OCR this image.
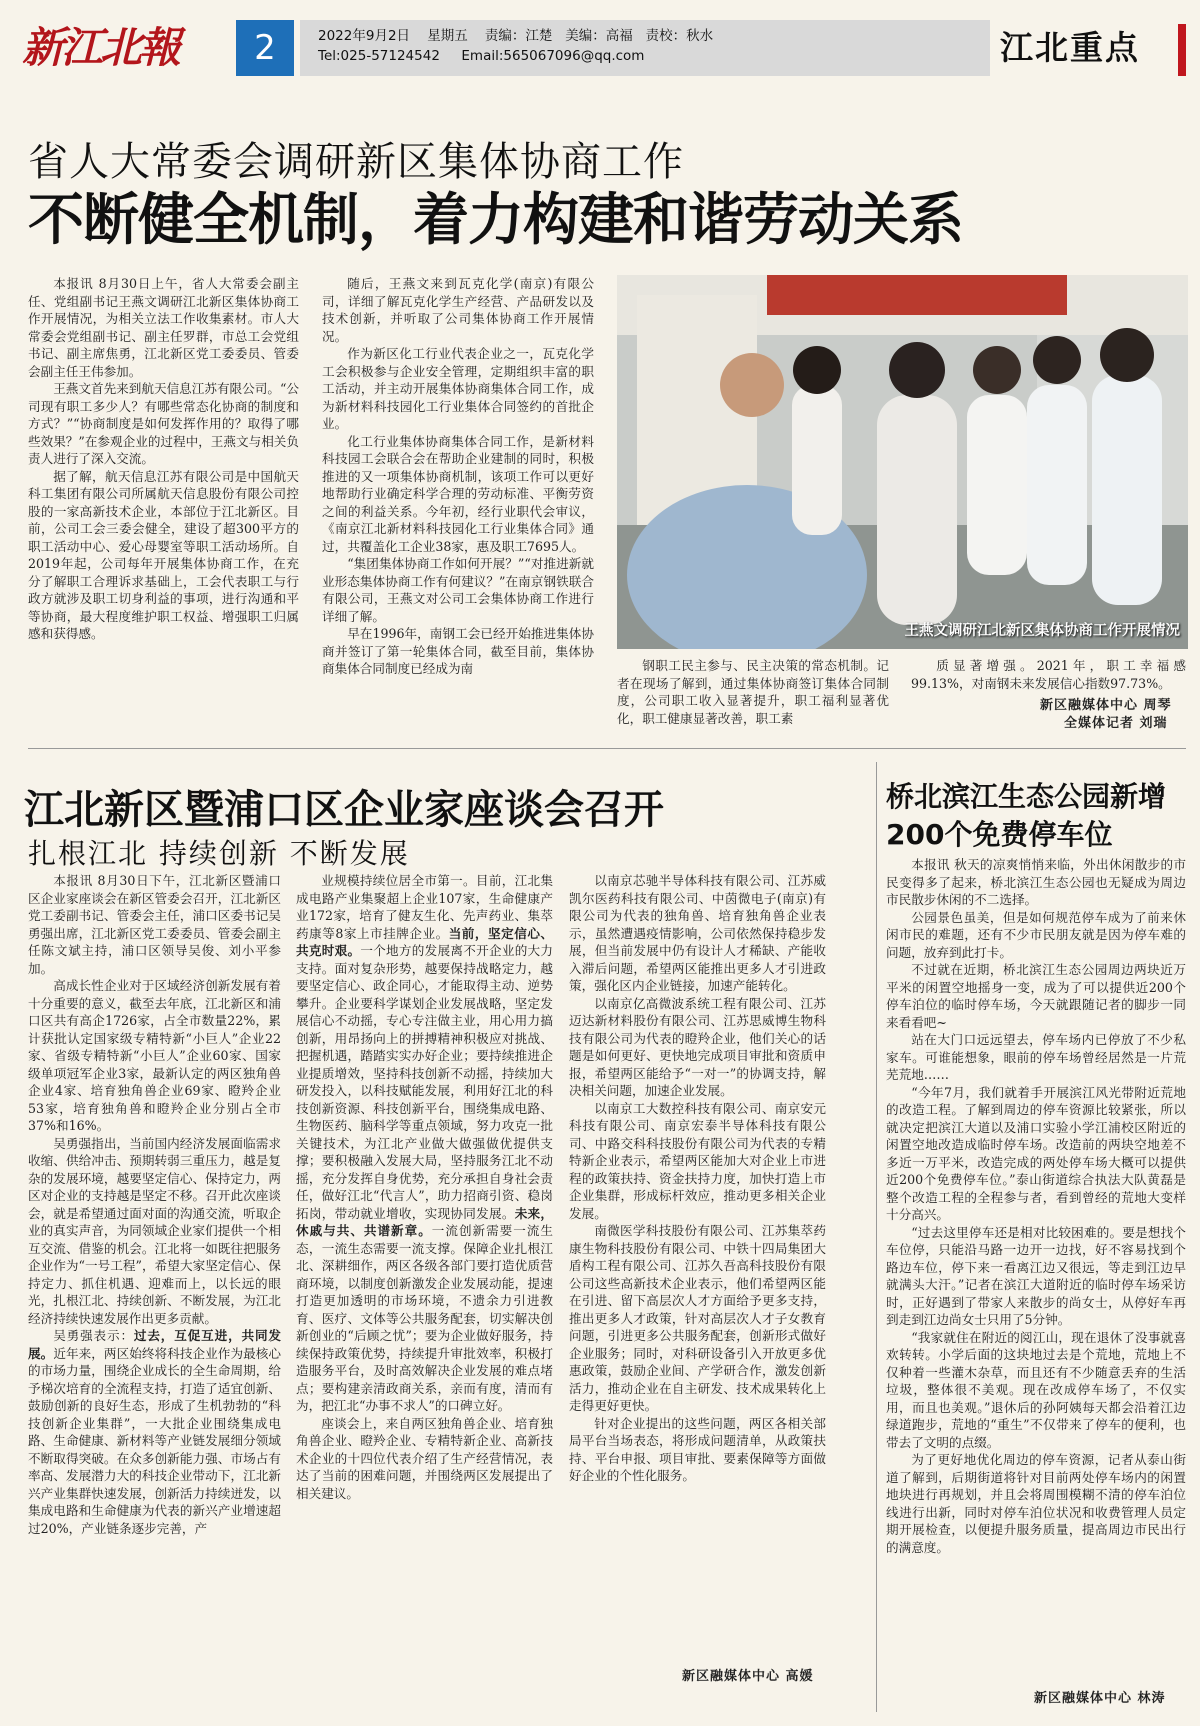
新江北報	2	2022年9月2日 星期五 责编：江楚 美编：高福 责校：秋水
Tel:025-57124542 Email:565067096@qq.com	江北重点
省人大常委会调研新区集体协商工作
不断健全机制，着力构建和谐劳动关系

本报讯 8月30日上午，省人大常委会副主任、党组副书记王燕文调研江北新区集体协商工作开展情况，为相关立法工作收集素材。市人大常委会党组副书记、副主任罗群，市总工会党组书记、副主席焦勇，江北新区党工委委员、管委会副主任王伟参加。

王燕文首先来到航天信息江苏有限公司。“公司现有职工多少人？有哪些常态化协商的制度和方式？”“协商制度是如何发挥作用的？取得了哪些效果？”在参观企业的过程中，王燕文与相关负责人进行了深入交流。

据了解，航天信息江苏有限公司是中国航天科工集团有限公司所属航天信息股份有限公司控股的一家高新技术企业，本部位于江北新区。目前，公司工会三委会健全，建设了超300平方的职工活动中心、爱心母婴室等职工活动场所。自2019年起，公司每年开展集体协商工作，在充分了解职工合理诉求基础上，工会代表职工与行政方就涉及职工切身利益的事项，进行沟通和平等协商，最大程度维护职工权益、增强职工归属感和获得感。

随后，王燕文来到瓦克化学(南京)有限公司，详细了解瓦克化学生产经营、产品研发以及技术创新，并听取了公司集体协商工作开展情况。

作为新区化工行业代表企业之一，瓦克化学工会积极参与企业安全管理，定期组织丰富的职工活动，并主动开展集体协商集体合同工作，成为新材料科技园化工行业集体合同签约的首批企业。

化工行业集体协商集体合同工作，是新材料科技园工会联合会在帮助企业建制的同时，积极推进的又一项集体协商机制，该项工作可以更好地帮助行业确定科学合理的劳动标准、平衡劳资之间的利益关系。今年初，经行业职代会审议，《南京江北新材料科技园化工行业集体合同》通过，共覆盖化工企业38家，惠及职工7695人。

“集团集体协商工作如何开展？”“对推进新就业形态集体协商工作有何建议？”在南京钢铁联合有限公司，王燕文对公司工会集体协商工作进行详细了解。

早在1996年，南钢工会已经开始推进集体协商并签订了第一轮集体合同，截至目前，集体协商集体合同制度已经成为南

王燕文调研江北新区集体协商工作开展情况

钢职工民主参与、民主决策的常态机制。记者在现场了解到，通过集体协商签订集体合同制度，公司职工收入显著提升，职工福利显著优化，职工健康显著改善，职工素

质显著增强。2021年，职工幸福感99.13%，对南钢未来发展信心指数97.73%。

新区融媒体中心 周琴
全媒体记者 刘瑞
江北新区暨浦口区企业家座谈会召开
扎根江北 持续创新 不断发展

本报讯 8月30日下午，江北新区暨浦口区企业家座谈会在新区管委会召开，江北新区党工委副书记、管委会主任，浦口区委书记吴勇强出席，江北新区党工委委员、管委会副主任陈文斌主持，浦口区领导吴俊、刘小平参加。

高成长性企业对于区域经济创新发展有着十分重要的意义，截至去年底，江北新区和浦口区共有高企1726家，占全市数量22%，累计获批认定国家级专精特新“小巨人”企业22家、省级专精特新“小巨人”企业60家、国家级单项冠军企业3家，最新认定的两区独角兽企业4家、培育独角兽企业69家、瞪羚企业53家，培育独角兽和瞪羚企业分别占全市37%和16%。

吴勇强指出，当前国内经济发展面临需求收缩、供给冲击、预期转弱三重压力，越是复杂的发展环境，越要坚定信心、保持定力，两区对企业的支持越是坚定不移。召开此次座谈会，就是希望通过面对面的沟通交流，听取企业的真实声音，为同领域企业家们提供一个相互交流、借鉴的机会。江北将一如既往把服务企业作为“一号工程”，希望大家坚定信心、保持定力、抓住机遇、迎难而上，以长远的眼光，扎根江北、持续创新、不断发展，为江北经济持续快速发展作出更多贡献。

吴勇强表示：过去，互促互进，共同发展。近年来，两区始终将科技企业作为最核心的市场力量，围绕企业成长的全生命周期，给予梯次培育的全流程支持，打造了适宜创新、鼓励创新的良好生态，形成了生机勃勃的“科技创新企业集群”，一大批企业围绕集成电路、生命健康、新材料等产业链发展细分领域不断取得突破。在众多创新能力强、市场占有率高、发展潜力大的科技企业带动下，江北新兴产业集群快速发展，创新活力持续迸发，以集成电路和生命健康为代表的新兴产业增速超过20%，产业链条逐步完善，产

业规模持续位居全市第一。目前，江北集成电路产业集聚超上企业107家，生命健康产业172家，培育了健友生化、先声药业、集萃药康等8家上市挂牌企业。当前，坚定信心、共克时艰。一个地方的发展离不开企业的大力支持。面对复杂形势，越要保持战略定力，越要坚定信心、政企同心，才能取得主动、逆势攀升。企业要科学谋划企业发展战略，坚定发展信心不动摇，专心专注做主业，用心用力搞创新，用昂扬向上的拼搏精神积极应对挑战、把握机遇，踏踏实实办好企业；要持续推进企业提质增效，坚持科技创新不动摇，持续加大研发投入，以科技赋能发展，利用好江北的科技创新资源、科技创新平台，围绕集成电路、生物医药、脑科学等重点领域，努力攻克一批关键技术，为江北产业做大做强做优提供支撑；要积极融入发展大局，坚持服务江北不动摇，充分发挥自身优势，充分承担自身社会责任，做好江北“代言人”，助力招商引资、稳岗拓岗，带动就业增收，实现协同发展。未来，休戚与共、共谱新章。一流创新需要一流生态，一流生态需要一流支撑。保障企业扎根江北、深耕细作，两区各级各部门要打造优质营商环境，以制度创新激发企业发展动能，提速打造更加透明的市场环境，不遗余力引进教育、医疗、文体等公共服务配套，切实解决创新创业的“后顾之忧”；要为企业做好服务，持续保持政策优势，持续提升审批效率，积极打造服务平台，及时高效解决企业发展的难点堵点；要构建亲清政商关系，亲而有度，清而有为，把江北“办事不求人”的口碑立好。

座谈会上，来自两区独角兽企业、培育独角兽企业、瞪羚企业、专精特新企业、高新技术企业的十四位代表介绍了生产经营情况，表达了当前的困难问题，并围绕两区发展提出了相关建议。

以南京芯驰半导体科技有限公司、江苏威凯尔医药科技有限公司、中茵微电子(南京)有限公司为代表的独角兽、培育独角兽企业表示，虽然遭遇疫情影响，公司依然保持稳步发展，但当前发展中仍有设计人才稀缺、产能收入滞后问题，希望两区能推出更多人才引进政策，强化区内企业链接，加速产能转化。

以南京亿高微波系统工程有限公司、江苏迈达新材料股份有限公司、江苏思威博生物科技有限公司为代表的瞪羚企业，他们关心的话题是如何更好、更快地完成项目审批和资质申报，希望两区能给予“一对一”的协调支持，解决相关问题，加速企业发展。

以南京工大数控科技有限公司、南京安元科技有限公司、南京宏泰半导体科技有限公司、中路交科科技股份有限公司为代表的专精特新企业表示，希望两区能加大对企业上市进程的政策扶持、资金扶持力度，加快打造上市企业集群，形成标杆效应，推动更多相关企业发展。

南微医学科技股份有限公司、江苏集萃药康生物科技股份有限公司、中铁十四局集团大盾构工程有限公司、江苏久吾高科技股份有限公司这些高新技术企业表示，他们希望两区能在引进、留下高层次人才方面给予更多支持，推出更多人才政策，针对高层次人才子女教育问题，引进更多公共服务配套，创新形式做好企业服务；同时，对科研设备引入开放更多优惠政策，鼓励企业间、产学研合作，激发创新活力，推动企业在自主研发、技术成果转化上走得更好更快。

针对企业提出的这些问题，两区各相关部局平台当场表态，将形成问题清单，从政策扶持、平台申报、项目审批、要素保障等方面做好企业的个性化服务。

新区融媒体中心 高媛
桥北滨江生态公园新增200个免费停车位

本报讯 秋天的凉爽悄悄来临，外出休闲散步的市民变得多了起来，桥北滨江生态公园也无疑成为周边市民散步休闲的不二选择。

公园景色虽美，但是如何规范停车成为了前来休闲市民的难题，还有不少市民朋友就是因为停车难的问题，放弃到此打卡。

不过就在近期，桥北滨江生态公园周边两块近万平米的闲置空地摇身一变，成为了可以提供近200个停车泊位的临时停车场，今天就跟随记者的脚步一同来看看吧~

站在大门口远远望去，停车场内已停放了不少私家车。可谁能想象，眼前的停车场曾经居然是一片荒芜荒地……

“今年7月，我们就着手开展滨江风光带附近荒地的改造工程。了解到周边的停车资源比较紧张，所以就决定把滨江大道以及浦口实验小学江浦校区附近的闲置空地改造成临时停车场。改造前的两块空地差不多近一万平米，改造完成的两处停车场大概可以提供近200个免费停车位。”泰山街道综合执法大队黄磊是整个改造工程的全程参与者，看到曾经的荒地大变样十分高兴。

“过去这里停车还是相对比较困难的。要是想找个车位停，只能沿马路一边开一边找，好不容易找到个路边车位，停下来一看离江边又很远，等走到江边早就满头大汗。”记者在滨江大道附近的临时停车场采访时，正好遇到了带家人来散步的尚女士，从停好车再到走到江边尚女士只用了5分钟。

“我家就住在附近的阅江山，现在退休了没事就喜欢转转。小学后面的这块地过去是个荒地，荒地上不仅种着一些灌木杂草，而且还有不少随意丢弃的生活垃圾，整体很不美观。现在改成停车场了，不仅实用，而且也美观。”退休后的孙阿姨每天都会沿着江边绿道跑步，荒地的“重生”不仅带来了停车的便利，也带去了文明的点缀。

为了更好地优化周边的停车资源，记者从泰山街道了解到，后期街道将针对目前两处停车场内的闲置地块进行再规划，并且会将周围模糊不清的停车泊位线进行出新，同时对停车泊位状况和收费管理人员定期开展检查，以便提升服务质量，提高周边市民出行的满意度。

新区融媒体中心 林涛
